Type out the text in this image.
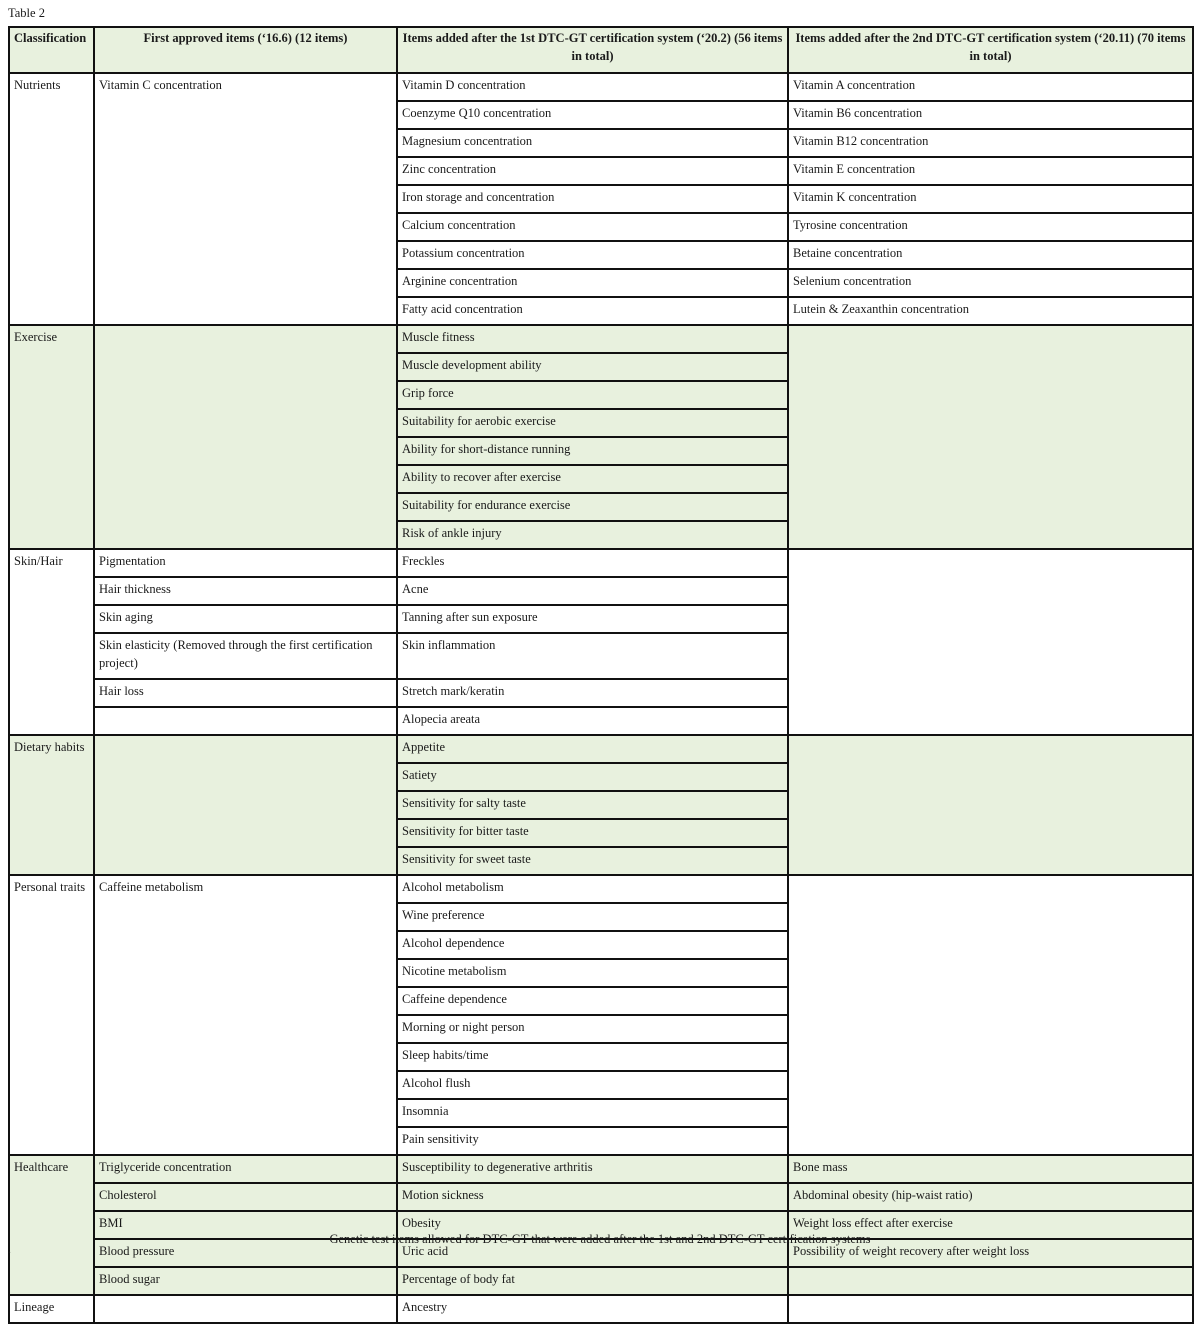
Table 2
Classification	First approved items (‘16.6) (12 items)	Items added after the 1st DTC-GT certification system (‘20.2) (56 items in total)	Items added after the 2nd DTC-GT certification system (‘20.11) (70 items in total)
Nutrients	Vitamin C concentration	Vitamin D concentration	Vitamin A concentration
		Coenzyme Q10 concentration	Vitamin B6 concentration
		Magnesium concentration	Vitamin B12 concentration
		Zinc concentration	Vitamin E concentration
		Iron storage and concentration	Vitamin K concentration
		Calcium concentration	Tyrosine concentration
		Potassium concentration	Betaine concentration
		Arginine concentration	Selenium concentration
		Fatty acid concentration	Lutein & Zeaxanthin concentration
Exercise		Muscle fitness	
		Muscle development ability	
		Grip force	
		Suitability for aerobic exercise	
		Ability for short-distance running	
		Ability to recover after exercise	
		Suitability for endurance exercise	
		Risk of ankle injury	
Skin/Hair	Pigmentation	Freckles	
	Hair thickness	Acne	
	Skin aging	Tanning after sun exposure	
	Skin elasticity (Removed through the first certification project)	Skin inflammation	
	Hair loss	Stretch mark/keratin	
		Alopecia areata	
Dietary habits		Appetite	
		Satiety	
		Sensitivity for salty taste	
		Sensitivity for bitter taste	
		Sensitivity for sweet taste	
Personal traits	Caffeine metabolism	Alcohol metabolism	
		Wine preference	
		Alcohol dependence	
		Nicotine metabolism	
		Caffeine dependence	
		Morning or night person	
		Sleep habits/time	
		Alcohol flush	
		Insomnia	
		Pain sensitivity	
Healthcare	Triglyceride concentration	Susceptibility to degenerative arthritis	Bone mass
	Cholesterol	Motion sickness	Abdominal obesity (hip-waist ratio)
	BMI	Obesity	Weight loss effect after exercise
	Blood pressure	Uric acid	Possibility of weight recovery after weight loss
	Blood sugar	Percentage of body fat	
Lineage		Ancestry	
Genetic test items allowed for DTC-GT that were added after the 1st and 2nd DTC-GT certification systems
.
